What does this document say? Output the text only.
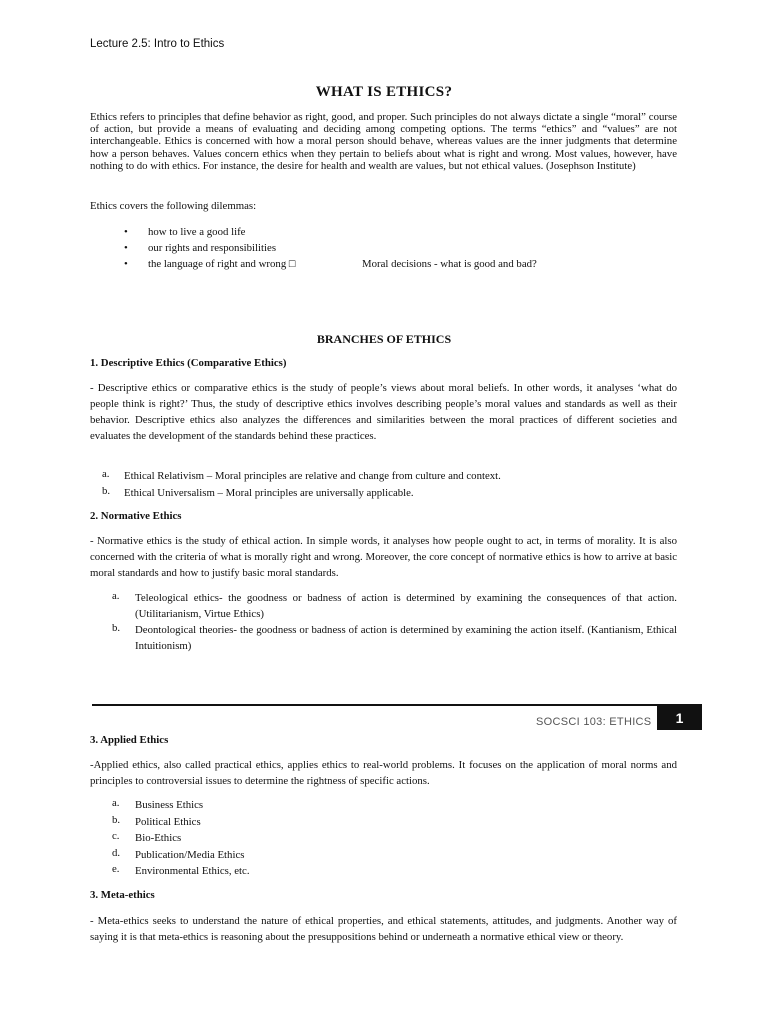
Lecture 2.5: Intro to Ethics
WHAT IS ETHICS?
Ethics refers to principles that define behavior as right, good, and proper. Such principles do not always dictate a single “moral” course of action, but provide a means of evaluating and deciding among competing options. The terms “ethics” and “values” are not interchangeable. Ethics is concerned with how a moral person should behave, whereas values are the inner judgments that determine how a person behaves. Values concern ethics when they pertain to beliefs about what is right and wrong. Most values, however, have nothing to do with ethics. For instance, the desire for health and wealth are values, but not ethical values. (Josephson Institute)
Ethics covers the following dilemmas:
• how to live a good life
• our rights and responsibilities
• the language of right and wrong □	Moral decisions - what is good and bad?
BRANCHES OF ETHICS
1. Descriptive Ethics (Comparative Ethics)
- Descriptive ethics or comparative ethics is the study of people’s views about moral beliefs. In other words, it analyses ‘what do people think is right?’ Thus, the study of descriptive ethics involves describing people’s moral values and standards as well as their behavior. Descriptive ethics also analyzes the differences and similarities between the moral practices of different societies and evaluates the development of the standards behind these practices.
a. Ethical Relativism – Moral principles are relative and change from culture and context.
b. Ethical Universalism – Moral principles are universally applicable.
2. Normative Ethics
- Normative ethics is the study of ethical action. In simple words, it analyses how people ought to act, in terms of morality. It is also concerned with the criteria of what is morally right and wrong. Moreover, the core concept of normative ethics is how to arrive at basic moral standards and how to justify basic moral standards.
a. Teleological ethics- the goodness or badness of action is determined by examining the consequences of that action. (Utilitarianism, Virtue Ethics)
b. Deontological theories- the goodness or badness of action is determined by examining the action itself. (Kantianism, Ethical Intuitionism)
SOCSCI 103: ETHICS 1
3. Applied Ethics
-Applied ethics, also called practical ethics, applies ethics to real-world problems. It focuses on the application of moral norms and principles to controversial issues to determine the rightness of specific actions.
a. Business Ethics
b. Political Ethics
c. Bio-Ethics
d. Publication/Media Ethics
e. Environmental Ethics, etc.
3. Meta-ethics
- Meta-ethics seeks to understand the nature of ethical properties, and ethical statements, attitudes, and judgments. Another way of saying it is that meta-ethics is reasoning about the presuppositions behind or underneath a normative ethical view or theory.
